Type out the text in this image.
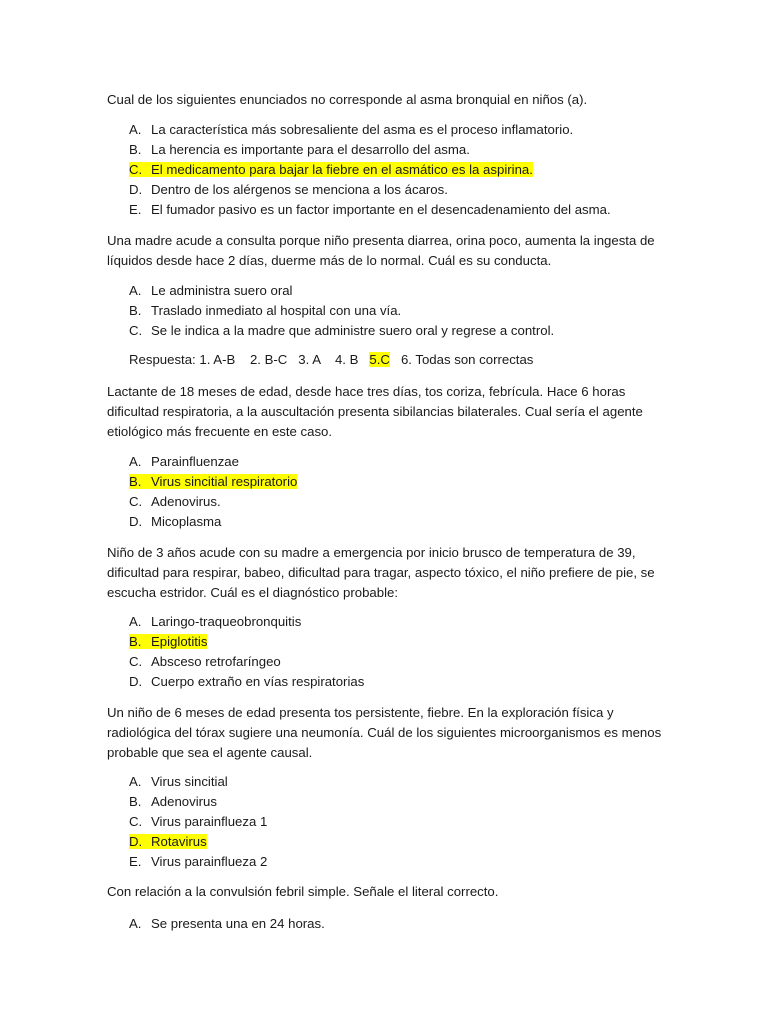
Cual de los siguientes enunciados no corresponde al asma bronquial en niños (a).

A. La característica más sobresaliente del asma es el proceso inflamatorio.
B. La herencia es importante para el desarrollo del asma.
C. El medicamento para bajar la fiebre en el asmático es la aspirina.
D. Dentro de los alérgenos se menciona a los ácaros.
E. El fumador pasivo es un factor importante en el desencadenamiento del asma.

Una madre acude a consulta porque niño presenta diarrea, orina poco, aumenta la ingesta de líquidos desde hace 2 días, duerme más de lo normal. Cuál es su conducta.

A. Le administra suero oral
B. Traslado inmediato al hospital con una vía.
C. Se le indica a la madre que administre suero oral y regrese a control.
Respuesta: 1. A-B    2. B-C   3. A    4. B   5.C   6. Todas son correctas

Lactante de 18 meses de edad, desde hace tres días, tos coriza, febrícula. Hace 6 horas dificultad respiratoria, a la auscultación presenta sibilancias bilaterales. Cual sería el agente etiológico más frecuente en este caso.

A. Parainfluenzae
B. Virus sincitial respiratorio
C. Adenovirus.
D. Micoplasma

Niño de 3 años acude con su madre a emergencia por inicio brusco de temperatura de 39, dificultad para respirar, babeo, dificultad para tragar, aspecto tóxico, el niño prefiere de pie, se escucha estridor. Cuál es el diagnóstico probable:

A. Laringo-traqueobronquitis
B. Epiglotitis
C. Absceso retrofaríngeo
D. Cuerpo extraño en vías respiratorias

Un niño de 6 meses de edad presenta tos persistente, fiebre. En la exploración física y radiológica del tórax sugiere una neumonía. Cuál de los siguientes microorganismos es menos probable que sea el agente causal.

A. Virus sincitial
B. Adenovirus
C. Virus parainflueza 1
D. Rotavirus
E. Virus parainflueza 2

Con relación a la convulsión febril simple. Señale el literal correcto.

A. Se presenta una en 24 horas.
